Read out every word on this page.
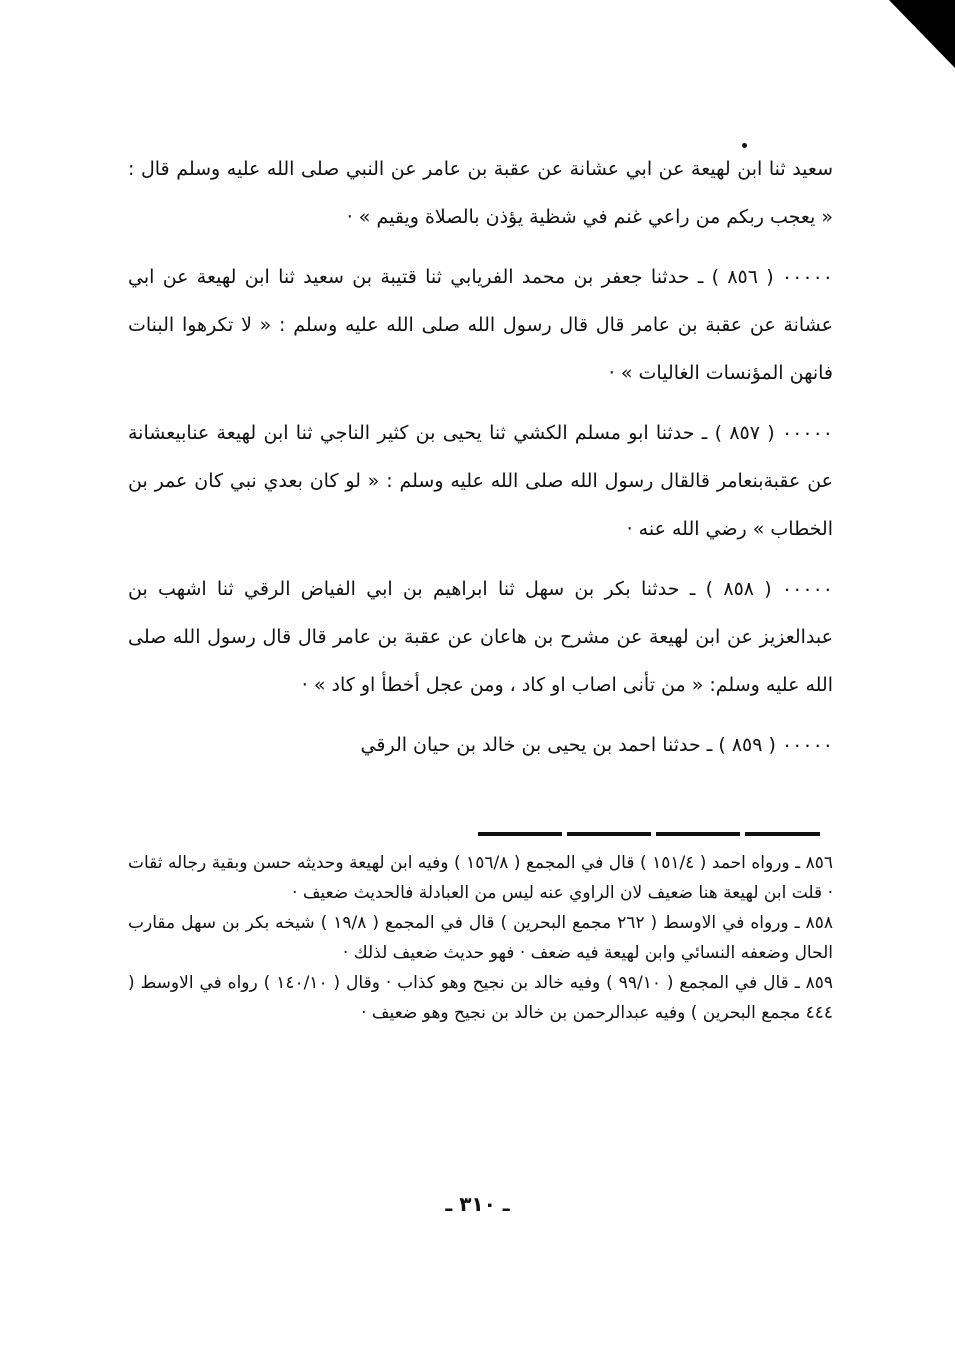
سعيد ثنا ابن لهيعة عن ابي عشانة عن عقبة بن عامر عن النبي صلى الله عليه وسلم قال : « يعجب ربكم من راعي غنم في شظية يؤذن بالصلاة ويقيم » ·

٠٠٠٠٠ ( ٨٥٦ ) ـ حدثنا جعفر بن محمد الفريابي ثنا قتيبة بن سعيد ثنا ابن لهيعة عن ابي عشانة عن عقبة بن عامر قال قال رسول الله صلى الله عليه وسلم : « لا تكرهوا البنات فانهن المؤنسات الغاليات » ·

٠٠٠٠٠ ( ٨٥٧ ) ـ حدثنا ابو مسلم الكشي ثنا يحيى بن كثير الناجي ثنا ابن لهيعة عنابيعشانة عن عقبةبنعامر قالقال رسول الله صلى الله عليه وسلم : « لو كان بعدي نبي كان عمر بن الخطاب » رضي الله عنه ·

٠٠٠٠٠ ( ٨٥٨ ) ـ حدثنا بكر بن سهل ثنا ابراهيم بن ابي الفياض الرقي ثنا اشهب بن عبدالعزيز عن ابن لهيعة عن مشرح بن هاعان عن عقبة بن عامر قال قال رسول الله صلى الله عليه وسلم: « من تأنى اصاب او كاد ، ومن عجل أخطأ او كاد » ·

٠٠٠٠٠ ( ٨٥٩ ) ـ حدثنا احمد بن يحيى بن خالد بن حيان الرقي

٨٥٦ ـ ورواه احمد ( ١٥١/٤ ) قال في المجمع ( ١٥٦/٨ ) وفيه ابن لهيعة وحديثه حسن وبقية رجاله ثقات · قلت ابن لهيعة هنا ضعيف لان الراوي عنه ليس من العبادلة فالحديث ضعيف ·

٨٥٨ ـ ورواه في الاوسط ( ٢٦٢ مجمع البحرين ) قال في المجمع ( ١٩/٨ ) شيخه بكر بن سهل مقارب الحال وضعفه النسائي وابن لهيعة فيه ضعف · فهو حديث ضعيف لذلك ·

٨٥٩ ـ قال في المجمع ( ٩٩/١٠ ) وفيه خالد بن نجيح وهو كذاب · وقال ( ١٤٠/١٠ ) رواه في الاوسط ( ٤٤٤ مجمع البحرين ) وفيه عبدالرحمن بن خالد بن نجيح وهو ضعيف ·

ـ ٣١٠ ـ
